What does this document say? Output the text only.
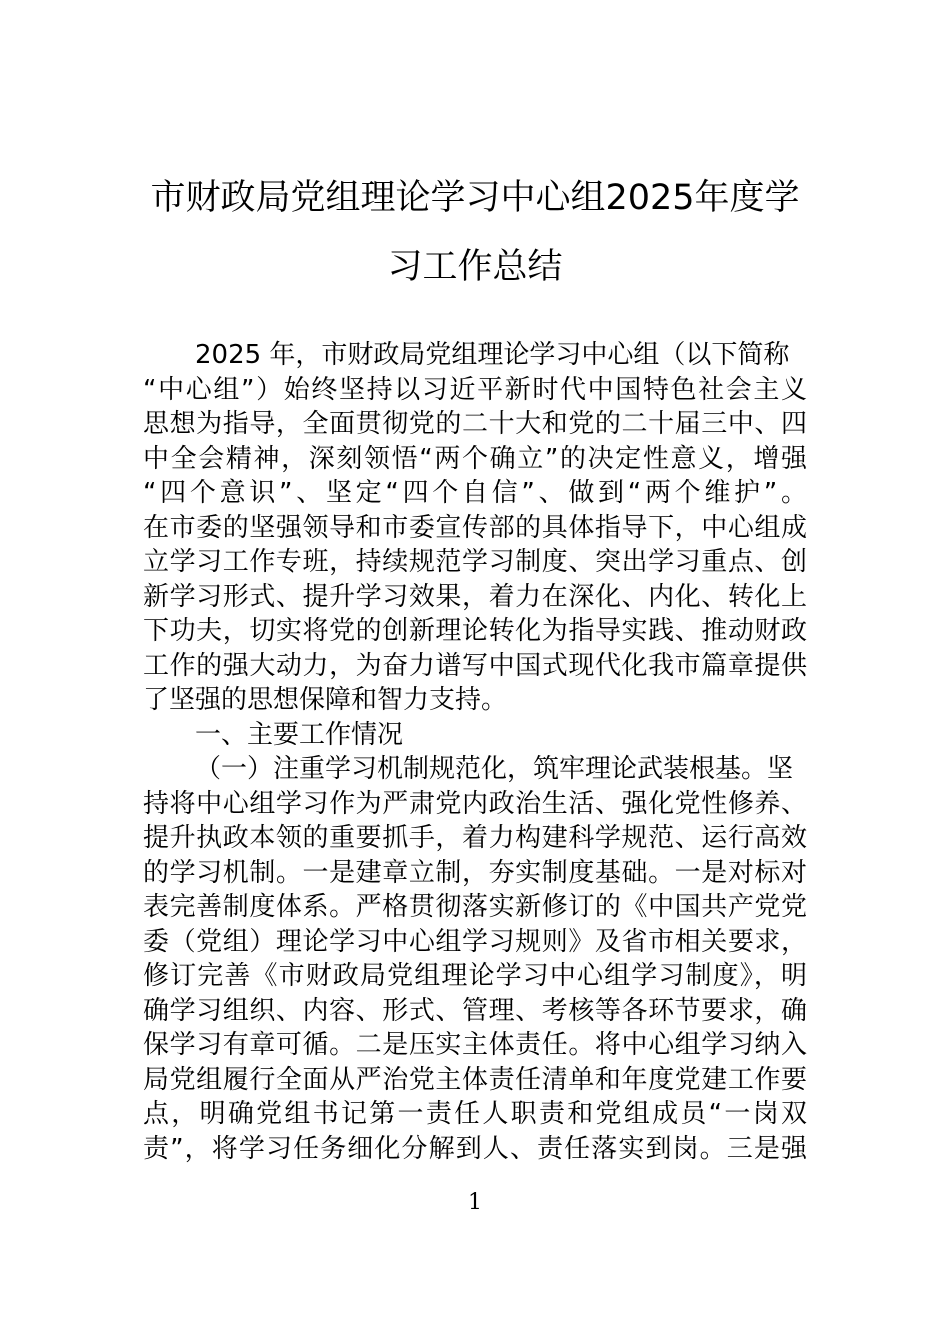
市财政局党组理论学习中心组2025年度学
习工作总结
2025 年，市财政局党组理论学习中心组（以下简称
“中心组”）始终坚持以习近平新时代中国特色社会主义
思想为指导，全面贯彻党的二十大和党的二十届三中、四
中全会精神，深刻领悟“两个确立”的决定性意义，增强
“四个意识”、坚定“四个自信”、做到“两个维护”。
在市委的坚强领导和市委宣传部的具体指导下，中心组成
立学习工作专班，持续规范学习制度、突出学习重点、创
新学习形式、提升学习效果，着力在深化、内化、转化上
下功夫，切实将党的创新理论转化为指导实践、推动财政
工作的强大动力，为奋力谱写中国式现代化我市篇章提供
了坚强的思想保障和智力支持。
一、主要工作情况
（一）注重学习机制规范化，筑牢理论武装根基。坚
持将中心组学习作为严肃党内政治生活、强化党性修养、
提升执政本领的重要抓手，着力构建科学规范、运行高效
的学习机制。一是建章立制，夯实制度基础。一是对标对
表完善制度体系。严格贯彻落实新修订的《中国共产党党
委（党组）理论学习中心组学习规则》及省市相关要求，
修订完善《市财政局党组理论学习中心组学习制度》，明
确学习组织、内容、形式、管理、考核等各环节要求，确
保学习有章可循。二是压实主体责任。将中心组学习纳入
局党组履行全面从严治党主体责任清单和年度党建工作要
点，明确党组书记第一责任人职责和党组成员“一岗双
责”，将学习任务细化分解到人、责任落实到岗。三是强
1
